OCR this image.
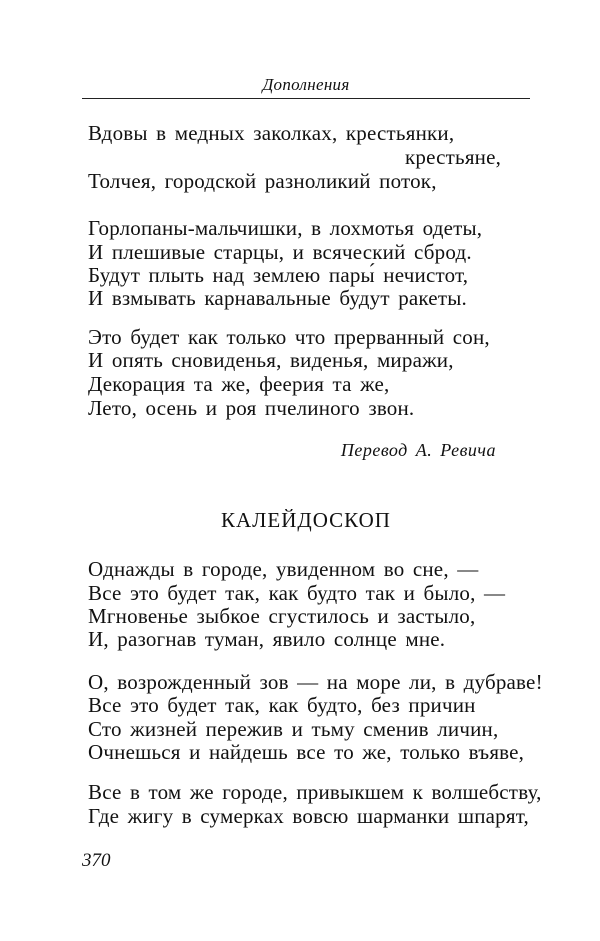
Дополнения
Вдовы в медных заколках, крестьянки,
крестьяне,
Толчея, городской разноликий поток,
Горлопаны-мальчишки, в лохмотья одеты,
И плешивые старцы, и всяческий сброд.
Будут плыть над землею пары́ нечистот,
И взмывать карнавальные будут ракеты.
Это будет как только что прерванный сон,
И опять сновиденья, виденья, миражи,
Декорация та же, феерия та же,
Лето, осень и роя пчелиного звон.
Перевод А. Ревича
КАЛЕЙДОСКОП
Однажды в городе, увиденном во сне, —
Все это будет так, как будто так и было, —
Мгновенье зыбкое сгустилось и застыло,
И, разогнав туман, явило солнце мне.
О, возрожденный зов — на море ли, в дубраве!
Все это будет так, как будто, без причин
Сто жизней пережив и тьму сменив личин,
Очнешься и найдешь все то же, только въяве,
Все в том же городе, привыкшем к волшебству,
Где жигу в сумерках вовсю шарманки шпарят,
370
